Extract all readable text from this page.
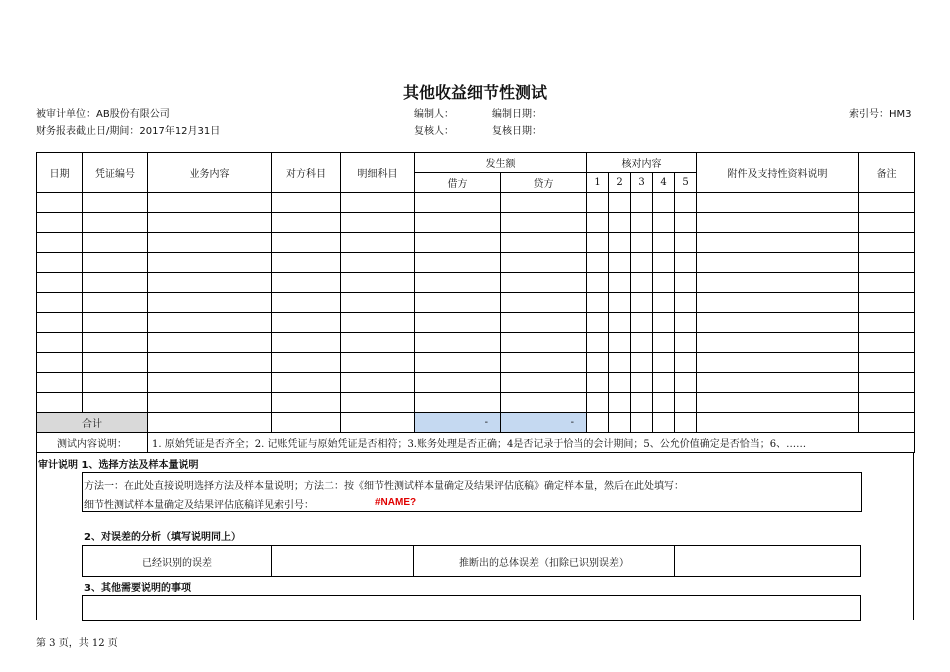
其他收益细节性测试
被审计单位：AB股份有限公司
财务报表截止日/期间：2017年12月31日
编制人：	编制日期：
复核人：	复核日期：
索引号：HM3
日期	凭证编号	业务内容	对方科目	明细科目	发生额		核对内容					附件及支持性资料说明	备注
					借方	贷方	1	2	3	4	5		

合计					-	-							
测试内容说明：		1. 原始凭证是否齐全；2. 记账凭证与原始凭证是否相符；3.账务处理是否正确；4是否记录于恰当的会计期间；5、公允价值确定是否恰当；6、……											
审计说明 1、选择方法及样本量说明
方法一：在此处直接说明选择方法及样本量说明；方法二：按《细节性测试样本量确定及结果评估底稿》确定样本量，然后在此处填写：
细节性测试样本量确定及结果评估底稿详见索引号：	#NAME?
2、对误差的分析（填写说明同上）
已经识别的误差		推断出的总体误差（扣除已识别误差）	
3、其他需要说明的事项
第 3 页，共 12 页
